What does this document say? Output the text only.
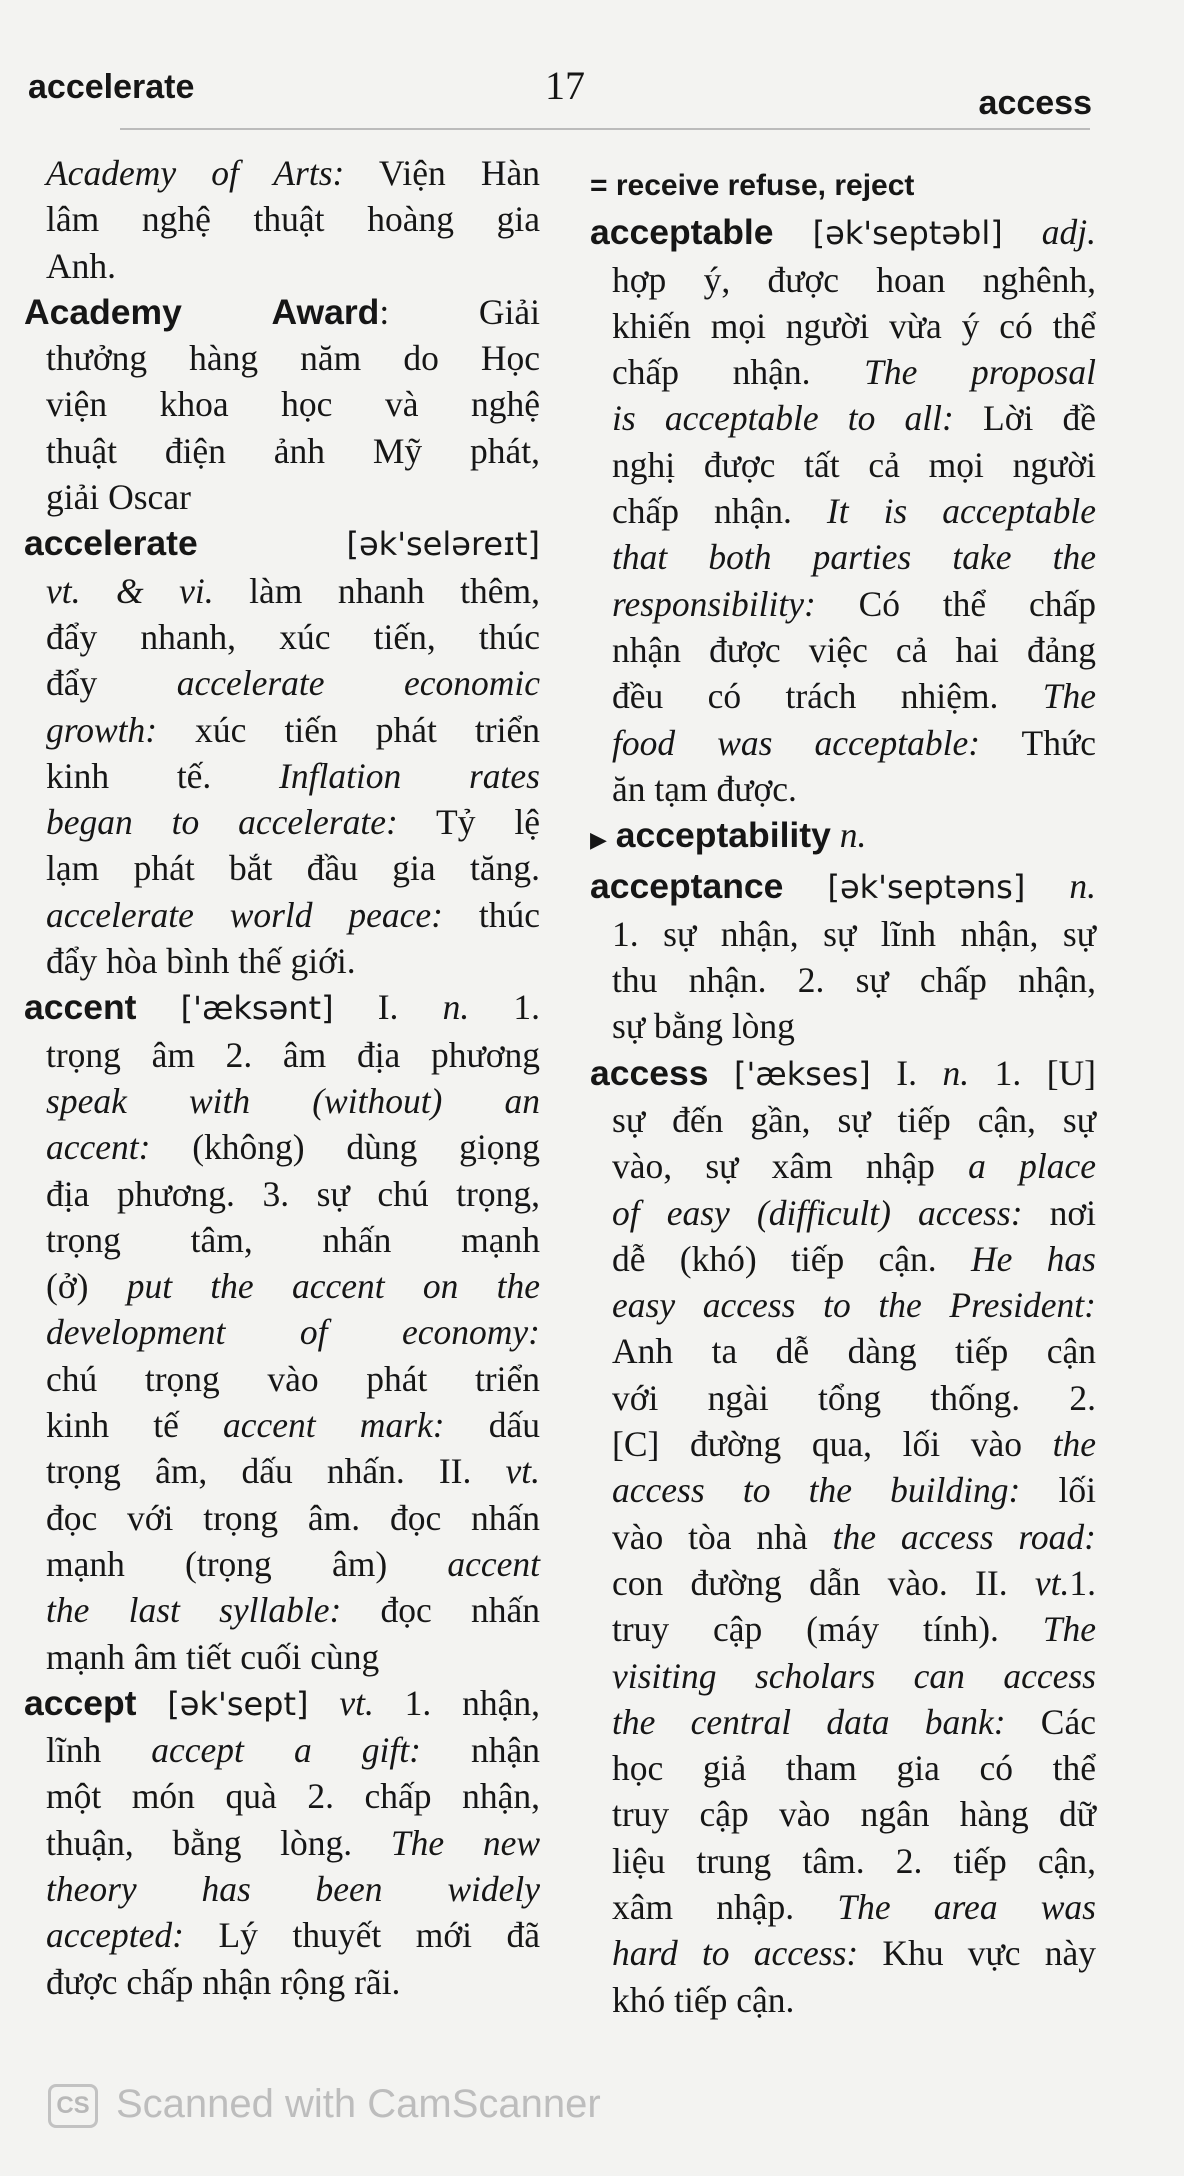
accelerate	17	access
Academy of Arts: Viện Hàn
lâm nghệ thuật hoàng gia
Anh.
Academy	Award: Giải
thưởng hàng năm do Học
viện khoa học và nghệ
thuật điện ảnh Mỹ phát,
giải Oscar
accelerate	[ək'seləreɪt]
vt. & vi. làm nhanh thêm,
đẩy nhanh, xúc tiến, thúc
đẩy accelerate economic
growth: xúc tiến phát triển
kinh tế. Inflation rates
began to accelerate: Tỷ lệ
lạm phát bắt đầu gia tăng.
accelerate world peace: thúc
đẩy hòa bình thế giới.
accent ['æksənt] I. n. 1.
trọng âm 2. âm địa phương
speak with (without) an
accent: (không) dùng giọng
địa phương. 3. sự chú trọng,
trọng tâm, nhấn mạnh
(ở) put the accent on the
development of economy:
chú trọng vào phát triển
kinh tế accent mark: dấu
trọng âm, dấu nhấn. II. vt.
đọc với trọng âm. đọc nhấn
mạnh (trọng âm) accent
the last syllable: đọc nhấn
mạnh âm tiết cuối cùng
accept [ək'sept] vt. 1. nhận,
lĩnh accept a gift: nhận
một món quà 2. chấp nhận,
thuận, bằng lòng. The new
theory has been widely
accepted: Lý thuyết mới đã
được chấp nhận rộng rãi.
= receive refuse, reject
acceptable [ək'septəbl] adj.
hợp ý, được hoan nghênh,
khiến mọi người vừa ý có thể
chấp nhận. The proposal
is acceptable to all: Lời đề
nghị được tất cả mọi người
chấp nhận. It is acceptable
that both parties take the
responsibility: Có thể chấp
nhận được việc cả hai đảng
đều có trách nhiệm. The
food was acceptable: Thức
ăn tạm được.
▶ acceptability n.
acceptance [ək'septəns] n.
1. sự nhận, sự lĩnh nhận, sự
thu nhận. 2. sự chấp nhận,
sự bằng lòng
access ['ækses] I. n. 1. [U]
sự đến gần, sự tiếp cận, sự
vào, sự xâm nhập a place
of easy (difficult) access: nơi
dễ (khó) tiếp cận. He has
easy access to the President:
Anh ta dễ dàng tiếp cận
với ngài tổng thống. 2.
[C] đường qua, lối vào the
access to the building: lối
vào tòa nhà the access road:
con đường dẫn vào. II. vt.1.
truy cập (máy tính). The
visiting scholars can access
the central data bank: Các
học giả tham gia có thể
truy cập vào ngân hàng dữ
liệu trung tâm. 2. tiếp cận,
xâm nhập. The area was
hard to access: Khu vực này
khó tiếp cận.
CS Scanned with CamScanner
